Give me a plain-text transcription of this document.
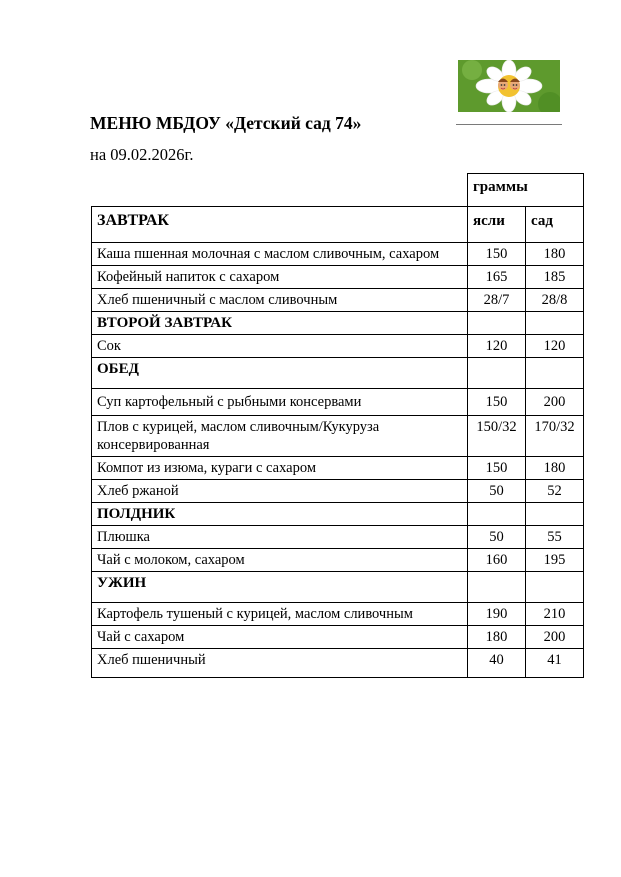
МЕНЮ МБДОУ «Детский сад 74»
на 09.02.2026г.
	граммы	
ЗАВТРАК	ясли	сад
Каша пшенная молочная с маслом сливочным, сахаром	150	180
Кофейный напиток с сахаром	165	185
Хлеб пшеничный с маслом сливочным	28/7	28/8
ВТОРОЙ ЗАВТРАК		
Сок	120	120
ОБЕД		
Суп картофельный с рыбными консервами	150	200
Плов с курицей, маслом сливочным/Кукуруза консервированная	150/32	170/32
Компот из изюма, кураги с сахаром	150	180
Хлеб ржаной	50	52
ПОЛДНИК		
Плюшка	50	55
Чай с молоком, сахаром	160	195
УЖИН		
Картофель тушеный с курицей, маслом сливочным	190	210
Чай с сахаром	180	200
Хлеб пшеничный	40	41
